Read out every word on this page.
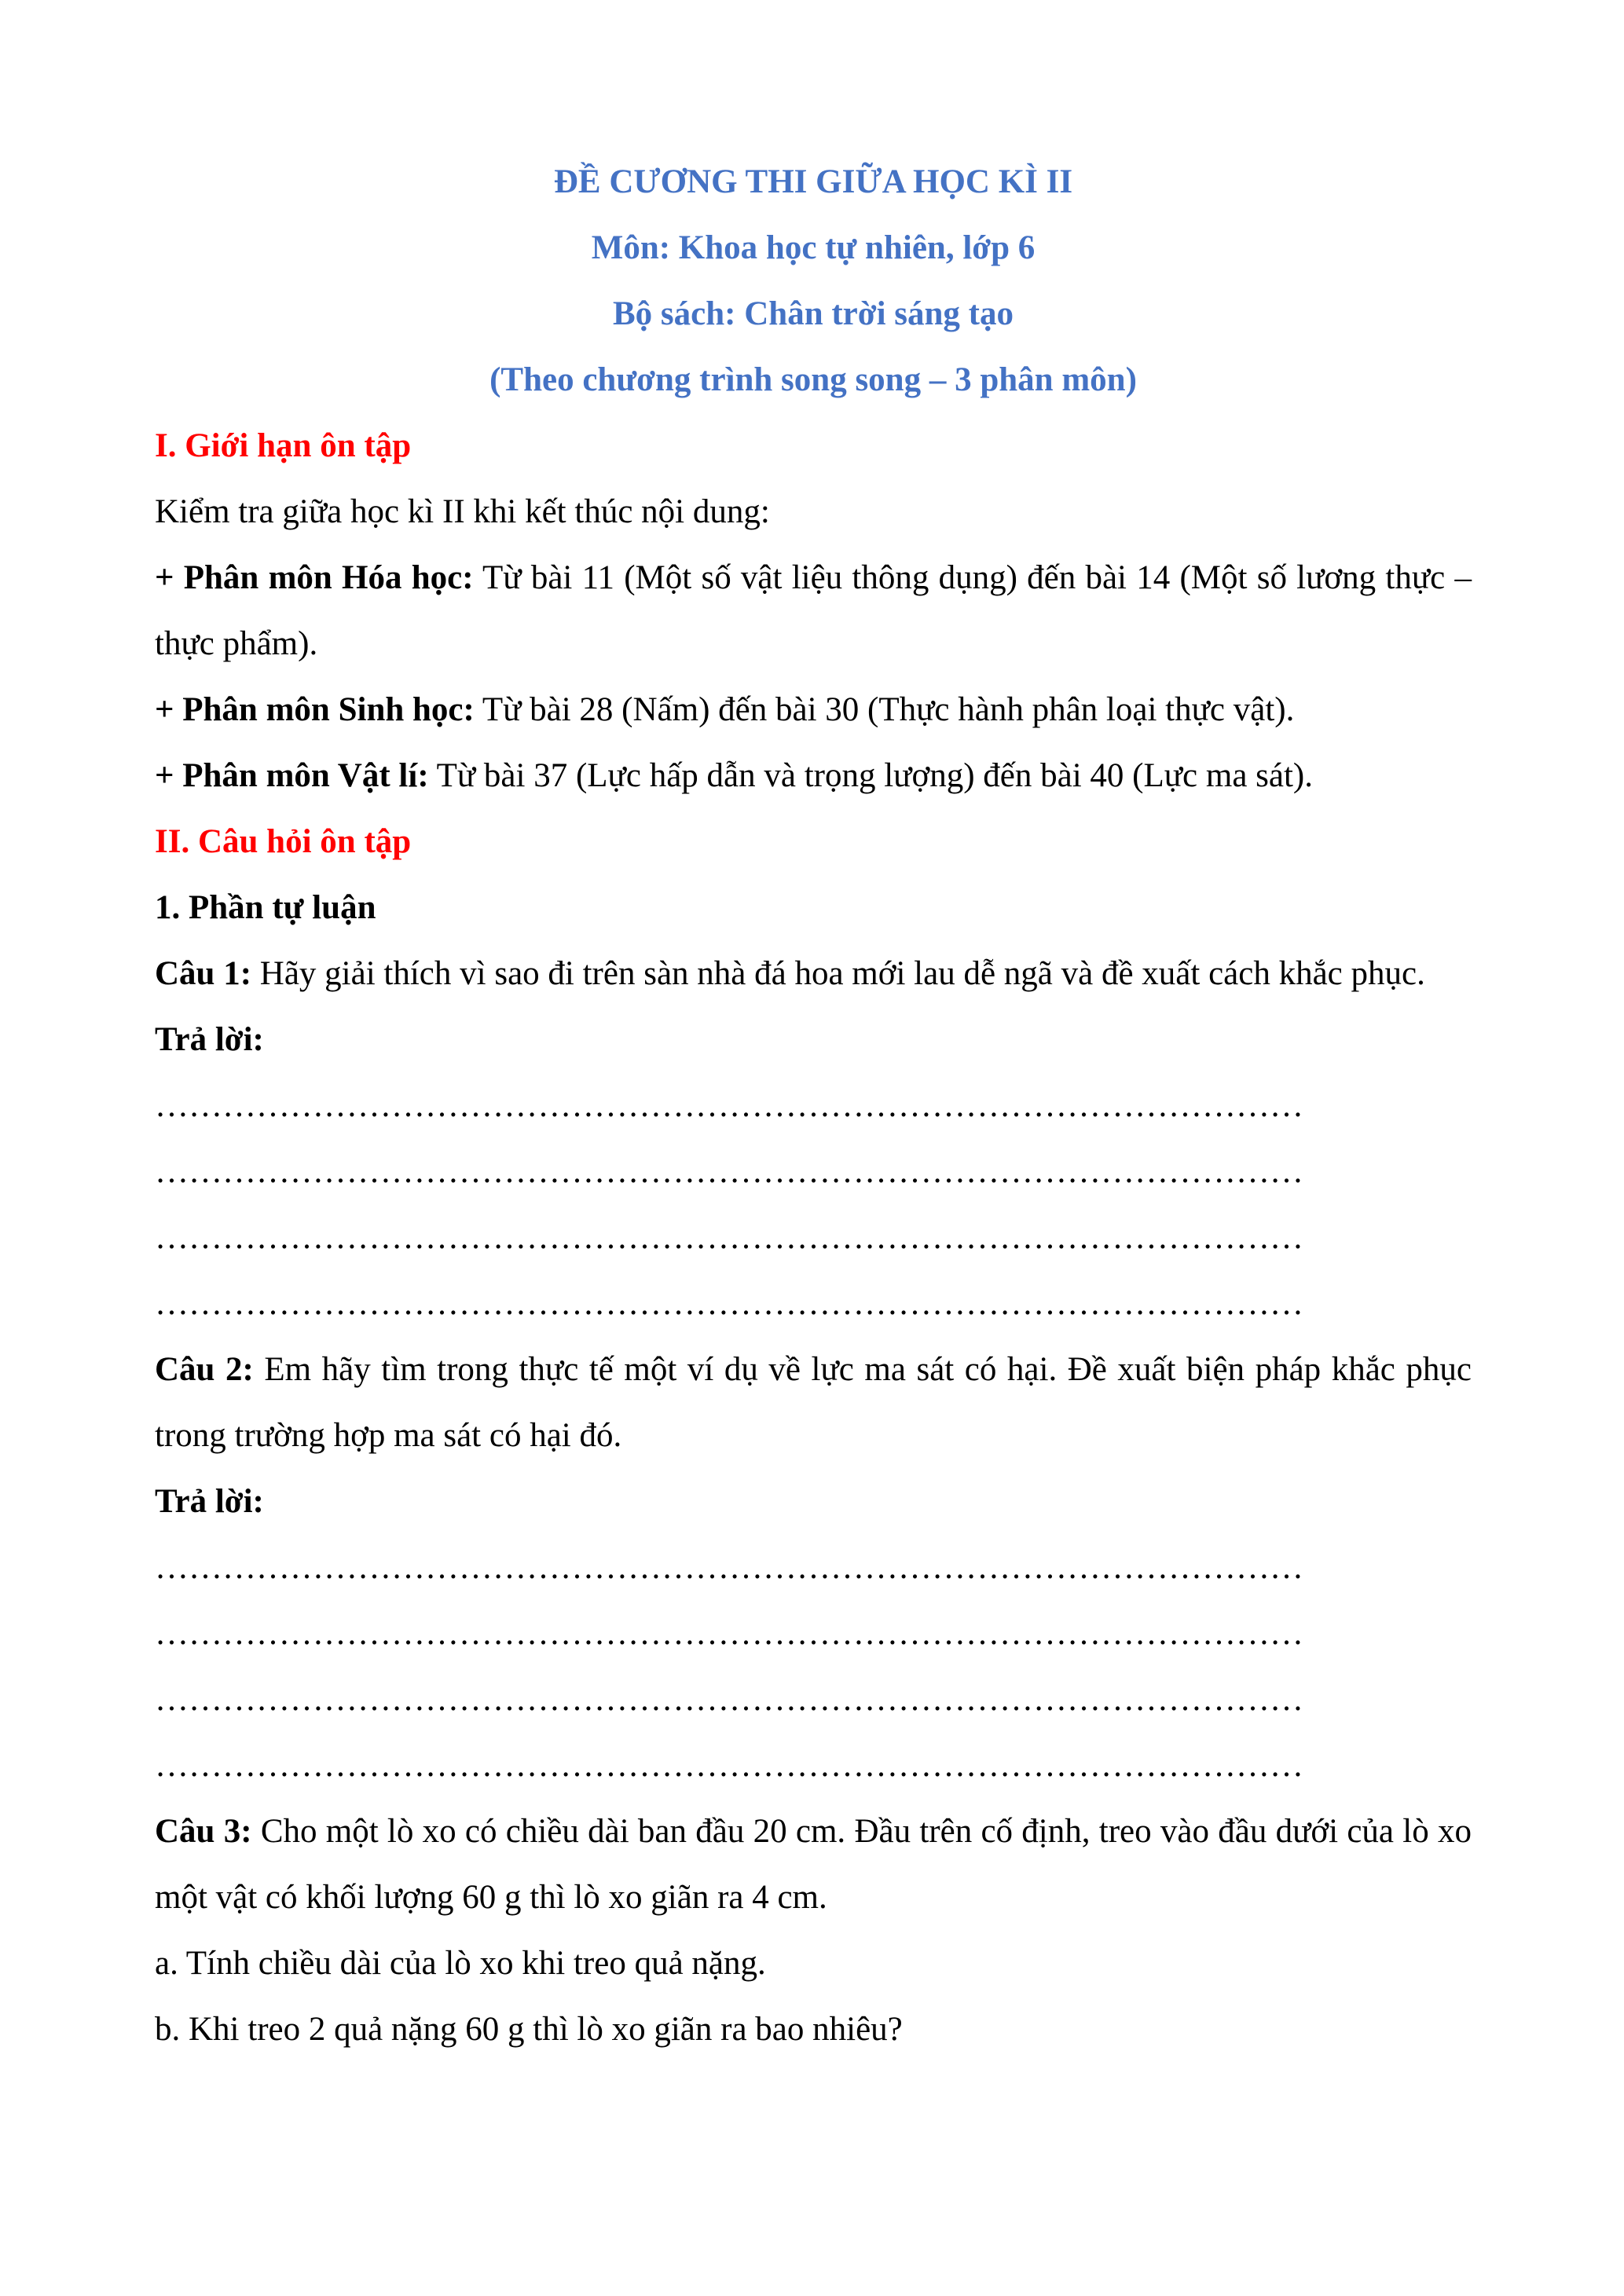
ĐỀ CƯƠNG THI GIỮA HỌC KÌ II
Môn: Khoa học tự nhiên, lớp 6
Bộ sách: Chân trời sáng tạo
(Theo chương trình song song – 3 phân môn)
I. Giới hạn ôn tập

Kiểm tra giữa học kì II khi kết thúc nội dung:

+ Phân môn Hóa học: Từ bài 11 (Một số vật liệu thông dụng) đến bài 14 (Một số lương thực – thực phẩm).

+ Phân môn Sinh học: Từ bài 28 (Nấm) đến bài 30 (Thực hành phân loại thực vật).

+ Phân môn Vật lí: Từ bài 37 (Lực hấp dẫn và trọng lượng) đến bài 40 (Lực ma sát).

II. Câu hỏi ôn tập

1. Phần tự luận

Câu 1: Hãy giải thích vì sao đi trên sàn nhà đá hoa mới lau dễ ngã và đề xuất cách khắc phục.

Trả lời:

…………………………………………………………………………………………
…………………………………………………………………………………………
…………………………………………………………………………………………
…………………………………………………………………………………………

Câu 2: Em hãy tìm trong thực tế một ví dụ về lực ma sát có hại. Đề xuất biện pháp khắc phục trong trường hợp ma sát có hại đó.

Trả lời:

…………………………………………………………………………………………
…………………………………………………………………………………………
…………………………………………………………………………………………
…………………………………………………………………………………………

Câu 3: Cho một lò xo có chiều dài ban đầu 20 cm. Đầu trên cố định, treo vào đầu dưới của lò xo một vật có khối lượng 60 g thì lò xo giãn ra 4 cm.

a. Tính chiều dài của lò xo khi treo quả nặng.

b. Khi treo 2 quả nặng 60 g thì lò xo giãn ra bao nhiêu?
